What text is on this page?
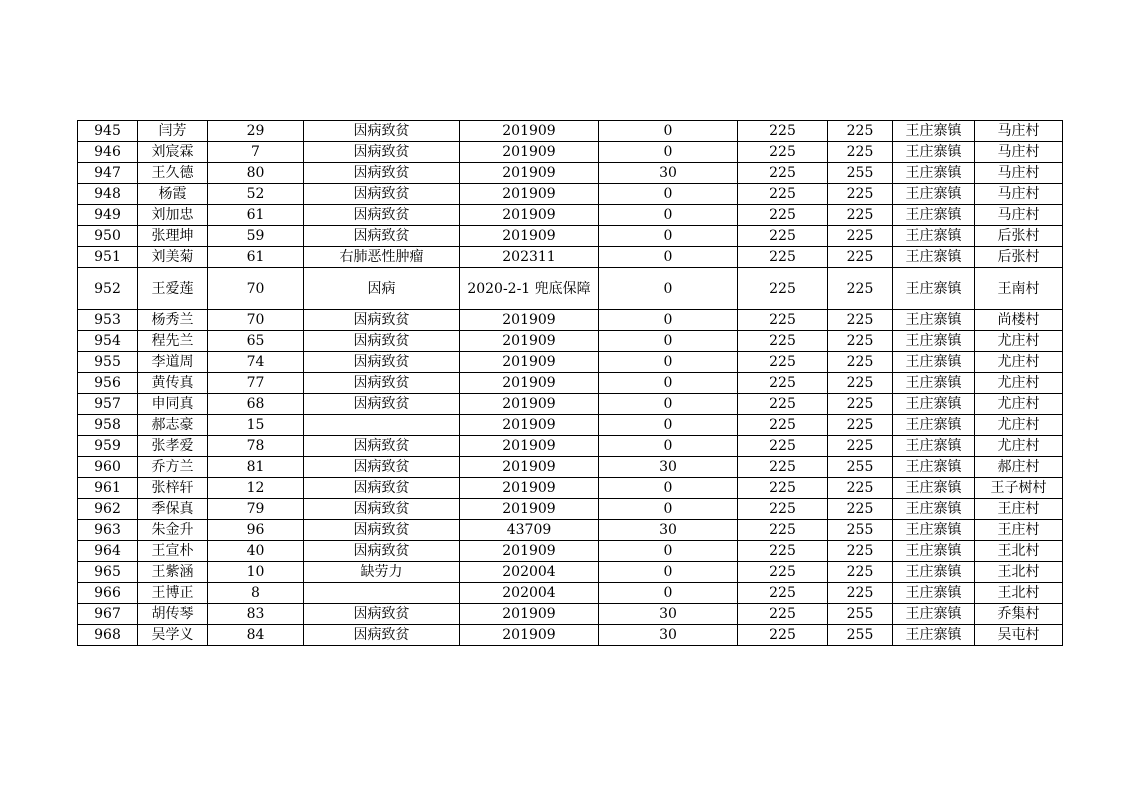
945	闫芳	29	因病致贫	201909	0	225	225	王庄寨镇	马庄村
946	刘宸霖	7	因病致贫	201909	0	225	225	王庄寨镇	马庄村
947	王久德	80	因病致贫	201909	30	225	255	王庄寨镇	马庄村
948	杨霞	52	因病致贫	201909	0	225	225	王庄寨镇	马庄村
949	刘加忠	61	因病致贫	201909	0	225	225	王庄寨镇	马庄村
950	张理坤	59	因病致贫	201909	0	225	225	王庄寨镇	后张村
951	刘美菊	61	右肺恶性肿瘤	202311	0	225	225	王庄寨镇	后张村
952	王爱莲	70	因病	2020-2-1 兜底保障	0	225	225	王庄寨镇	王南村
953	杨秀兰	70	因病致贫	201909	0	225	225	王庄寨镇	尚楼村
954	程先兰	65	因病致贫	201909	0	225	225	王庄寨镇	尤庄村
955	李道周	74	因病致贫	201909	0	225	225	王庄寨镇	尤庄村
956	黄传真	77	因病致贫	201909	0	225	225	王庄寨镇	尤庄村
957	申同真	68	因病致贫	201909	0	225	225	王庄寨镇	尤庄村
958	郝志豪	15		201909	0	225	225	王庄寨镇	尤庄村
959	张孝爱	78	因病致贫	201909	0	225	225	王庄寨镇	尤庄村
960	乔方兰	81	因病致贫	201909	30	225	255	王庄寨镇	郝庄村
961	张梓轩	12	因病致贫	201909	0	225	225	王庄寨镇	王子树村
962	季保真	79	因病致贫	201909	0	225	225	王庄寨镇	王庄村
963	朱金升	96	因病致贫	43709	30	225	255	王庄寨镇	王庄村
964	王宣朴	40	因病致贫	201909	0	225	225	王庄寨镇	王北村
965	王紫涵	10	缺劳力	202004	0	225	225	王庄寨镇	王北村
966	王博正	8		202004	0	225	225	王庄寨镇	王北村
967	胡传琴	83	因病致贫	201909	30	225	255	王庄寨镇	乔集村
968	吴学义	84	因病致贫	201909	30	225	255	王庄寨镇	吴屯村
